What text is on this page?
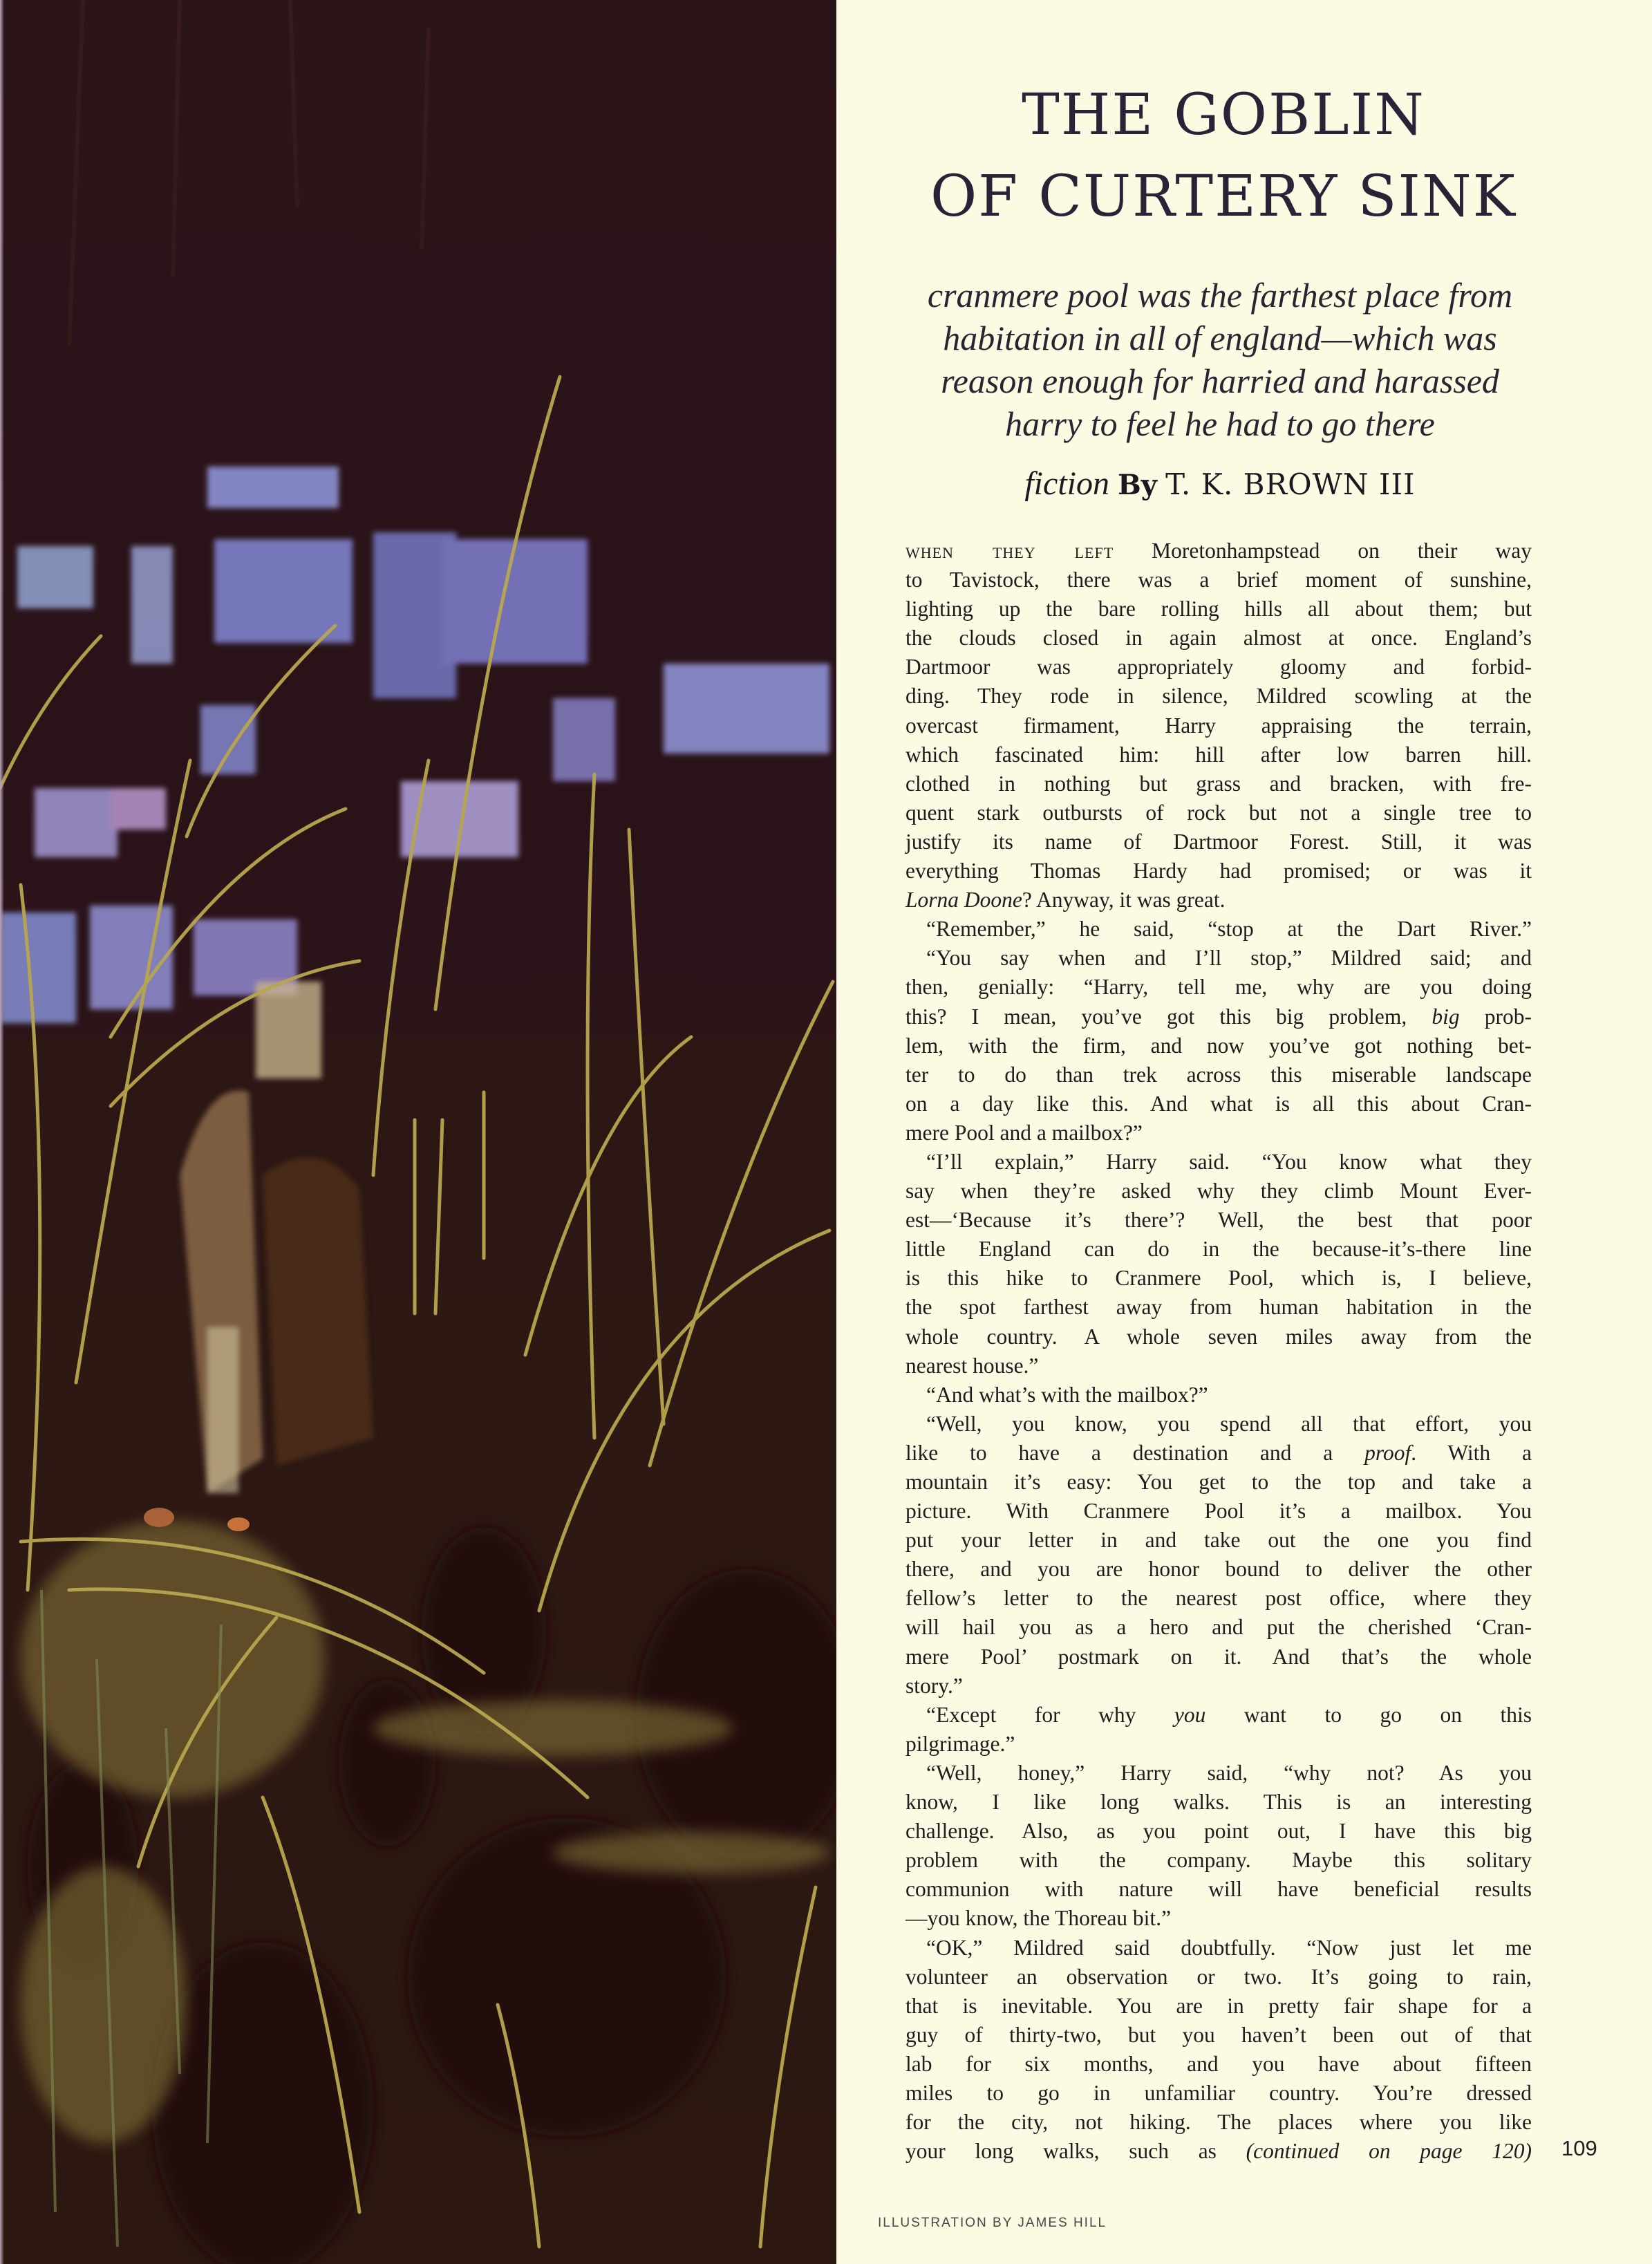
THE GOBLIN
OF CURTERY SINK

cranmere pool was the farthest place from
habitation in all of england—which was
reason enough for harried and harassed
harry to feel he had to go there

fiction By T. K. BROWN III
when they left Moretonhampstead on their way
to Tavistock, there was a brief moment of sunshine,
lighting up the bare rolling hills all about them; but
the clouds closed in again almost at once. England’s
Dartmoor was appropriately gloomy and forbid-
ding. They rode in silence, Mildred scowling at the
overcast firmament, Harry appraising the terrain,
which fascinated him: hill after low barren hill.
clothed in nothing but grass and bracken, with fre-
quent stark outbursts of rock but not a single tree to
justify its name of Dartmoor Forest. Still, it was
everything Thomas Hardy had promised; or was it
Lorna Doone? Anyway, it was great.
“Remember,” he said, “stop at the Dart River.”
“You say when and I’ll stop,” Mildred said; and
then, genially: “Harry, tell me, why are you doing
this? I mean, you’ve got this big problem, big prob-
lem, with the firm, and now you’ve got nothing bet-
ter to do than trek across this miserable landscape
on a day like this. And what is all this about Cran-
mere Pool and a mailbox?”
“I’ll explain,” Harry said. “You know what they
say when they’re asked why they climb Mount Ever-
est—‘Because it’s there’? Well, the best that poor
little England can do in the because-it’s-there line
is this hike to Cranmere Pool, which is, I believe,
the spot farthest away from human habitation in the
whole country. A whole seven miles away from the
nearest house.”
“And what’s with the mailbox?”
“Well, you know, you spend all that effort, you
like to have a destination and a proof. With a
mountain it’s easy: You get to the top and take a
picture. With Cranmere Pool it’s a mailbox. You
put your letter in and take out the one you find
there, and you are honor bound to deliver the other
fellow’s letter to the nearest post office, where they
will hail you as a hero and put the cherished ‘Cran-
mere Pool’ postmark on it. And that’s the whole
story.”
“Except for why you want to go on this
pilgrimage.”
“Well, honey,” Harry said, “why not? As you
know, I like long walks. This is an interesting
challenge. Also, as you point out, I have this big
problem with the company. Maybe this solitary
communion with nature will have beneficial results
—you know, the Thoreau bit.”
“OK,” Mildred said doubtfully. “Now just let me
volunteer an observation or two. It’s going to rain,
that is inevitable. You are in pretty fair shape for a
guy of thirty-two, but you haven’t been out of that
lab for six months, and you have about fifteen
miles to go in unfamiliar country. You’re dressed
for the city, not hiking. The places where you like
your long walks, such as (continued on page 120) 109
ILLUSTRATION BY JAMES HILL
